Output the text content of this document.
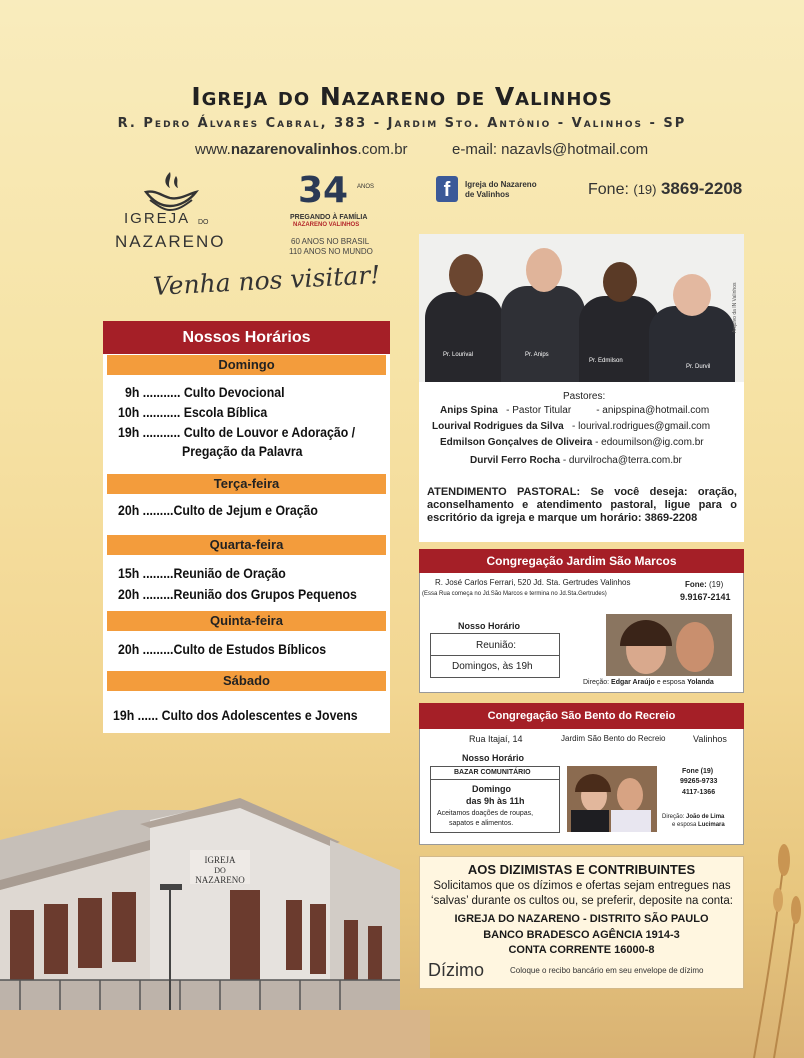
Igreja do Nazareno de Valinhos
R. Pedro Álvares Cabral, 383 - Jardim Sto. Antônio - Valinhos - SP
www.nazarenovalinhos.com.br	e-mail: nazavls@hotmail.com
IGREJA DO
NAZARENO
34 ANOS
PREGANDO À FAMÍLIA
NAZARENO VALINHOS
60 ANOS NO BRASIL
110 ANOS NO MUNDO
f	Igreja do Nazareno
de Valinhos	Fone: (19) 3869-2208
Venha nos visitar!
Nossos Horários
Domingo
9h ........... Culto Devocional
10h ........... Escola Bíblica
19h ........... Culto de Louvor e Adoração /
Pregação da Palavra
Terça-feira
20h .........Culto de Jejum e Oração
Quarta-feira
15h .........Reunião de Oração
20h .........Reunião dos Grupos Pequenos
Quinta-feira
20h .........Culto de Estudos Bíblicos
Sábado
19h ...... Culto dos Adolescentes e Jovens
Pr. Lourival	Pr. Anips
Pr. Edmilson
Pr. Durvil
Arquivo da IN Valinhos
Pastores:
Anips Spina - Pastor Titular	- anipspina@hotmail.com
Lourival Rodrigues da Silva - lourival.rodrigues@gmail.com
Edmilson Gonçalves de Oliveira - edoumilson@ig.com.br
Durvil Ferro Rocha - durvilrocha@terra.com.br
ATENDIMENTO PASTORAL: Se você deseja: oração, aconselhamento e atendimento pastoral, ligue para o escritório da igreja e marque um horário: 3869-2208
Congregação Jardim São Marcos
R. José Carlos Ferrari, 520 Jd. Sta. Gertrudes Valinhos
(Essa Rua começa no Jd.São Marcos e termina no Jd.Sta.Gertrudes)
Fone: (19)
9.9167-2141
Nosso Horário
Reunião:
Domingos, às 19h
Direção: Edgar Araújo e esposa Yolanda
Congregação São Bento do Recreio
Rua Itajaí, 14	Jardim São Bento do Recreio	Valinhos
Nosso Horário
BAZAR COMUNITÁRIO
Domingo
das 9h às 11h
Aceitamos doações de roupas,
sapatos e alimentos.
Fone (19)
99265-9733
4117-1366
Direção: João de Lima
e esposa Lucimara
AOS DIZIMISTAS E CONTRIBUINTES
Solicitamos que os dízimos e ofertas sejam entregues nas ‘salvas’ durante os cultos ou, se preferir, deposite na conta:
IGREJA DO NAZARENO - DISTRITO SÃO PAULO
BANCO BRADESCO AGÊNCIA 1914-3
CONTA CORRENTE 16000-8
Dízimo	Coloque o recibo bancário em seu envelope de dízimo
IGREJA
DO
NAZARENO
